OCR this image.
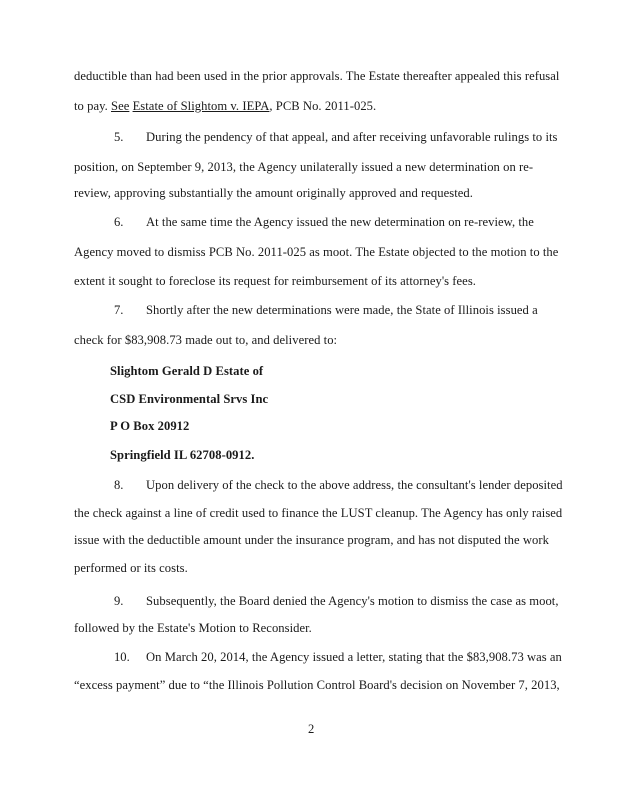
deductible than had been used in the prior approvals. The Estate thereafter appealed this refusal
to pay. See Estate of Slightom v. IEPA, PCB No. 2011-025.
5. During the pendency of that appeal, and after receiving unfavorable rulings to its
position, on September 9, 2013, the Agency unilaterally issued a new determination on re-
review, approving substantially the amount originally approved and requested.
6. At the same time the Agency issued the new determination on re-review, the
Agency moved to dismiss PCB No. 2011-025 as moot. The Estate objected to the motion to the
extent it sought to foreclose its request for reimbursement of its attorney's fees.
7. Shortly after the new determinations were made, the State of Illinois issued a
check for $83,908.73 made out to, and delivered to:
Slightom Gerald D Estate of
CSD Environmental Srvs Inc
P O Box 20912
Springfield IL 62708-0912.
8. Upon delivery of the check to the above address, the consultant's lender deposited
the check against a line of credit used to finance the LUST cleanup. The Agency has only raised
issue with the deductible amount under the insurance program, and has not disputed the work
performed or its costs.
9. Subsequently, the Board denied the Agency's motion to dismiss the case as moot,
followed by the Estate's Motion to Reconsider.
10. On March 20, 2014, the Agency issued a letter, stating that the $83,908.73 was an
“excess payment” due to “the Illinois Pollution Control Board's decision on November 7, 2013,
2
